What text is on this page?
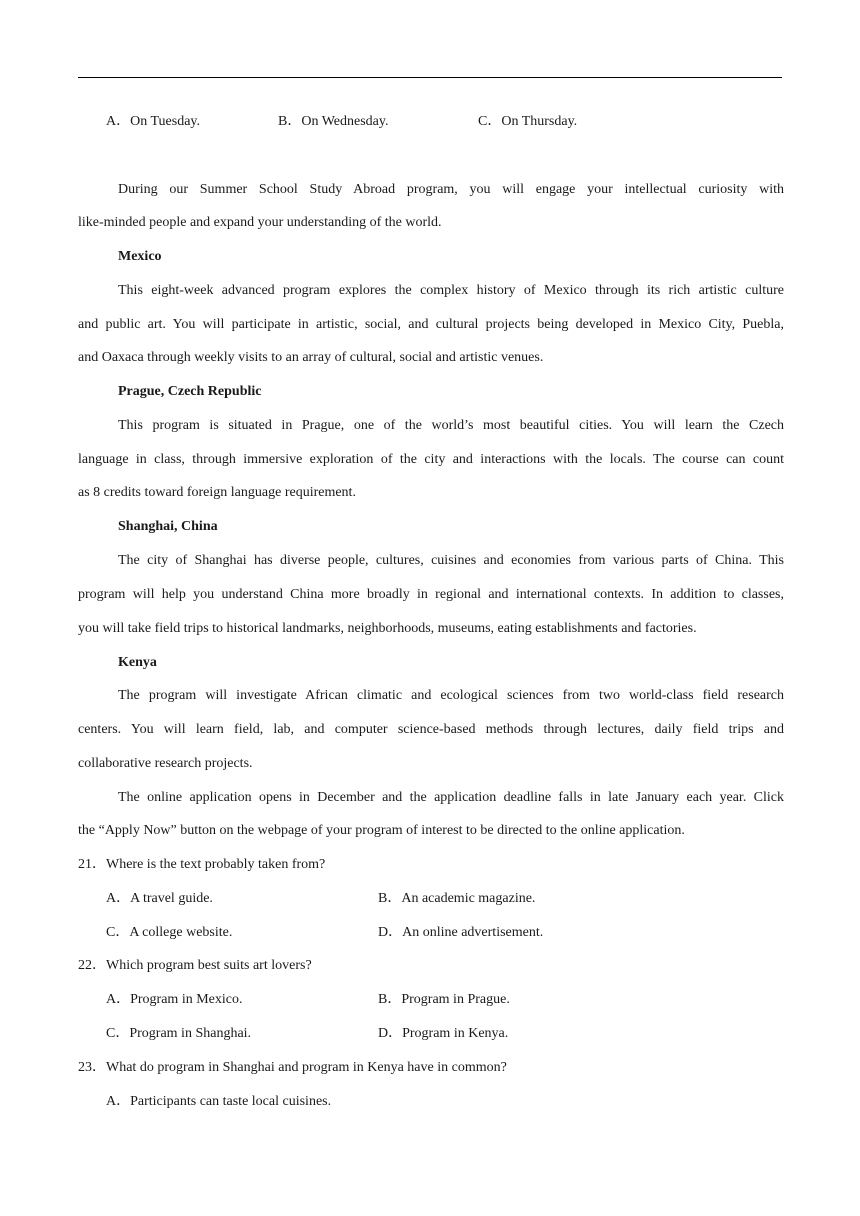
A．On Tuesday.	B．On Wednesday.	C．On Thursday.
During our Summer School Study Abroad program, you will engage your intellectual curiosity with
like-minded people and expand your understanding of the world.
Mexico
This eight-week advanced program explores the complex history of Mexico through its rich artistic culture
and public art. You will participate in artistic, social, and cultural projects being developed in Mexico City, Puebla,
and Oaxaca through weekly visits to an array of cultural, social and artistic venues.
Prague, Czech Republic
This program is situated in Prague, one of the world’s most beautiful cities. You will learn the Czech
language in class, through immersive exploration of the city and interactions with the locals. The course can count
as 8 credits toward foreign language requirement.
Shanghai, China
The city of Shanghai has diverse people, cultures, cuisines and economies from various parts of China. This
program will help you understand China more broadly in regional and international contexts. In addition to classes,
you will take field trips to historical landmarks, neighborhoods, museums, eating establishments and factories.
Kenya
The program will investigate African climatic and ecological sciences from two world-class field research
centers. You will learn field, lab, and computer science-based methods through lectures, daily field trips and
collaborative research projects.
The online application opens in December and the application deadline falls in late January each year. Click
the “Apply Now” button on the webpage of your program of interest to be directed to the online application.
21．Where is the text probably taken from?
A．A travel guide.	B．An academic magazine.
C．A college website.	D．An online advertisement.
22．Which program best suits art lovers?
A．Program in Mexico.	B．Program in Prague.
C．Program in Shanghai.	D．Program in Kenya.
23．What do program in Shanghai and program in Kenya have in common?
A．Participants can taste local cuisines.
